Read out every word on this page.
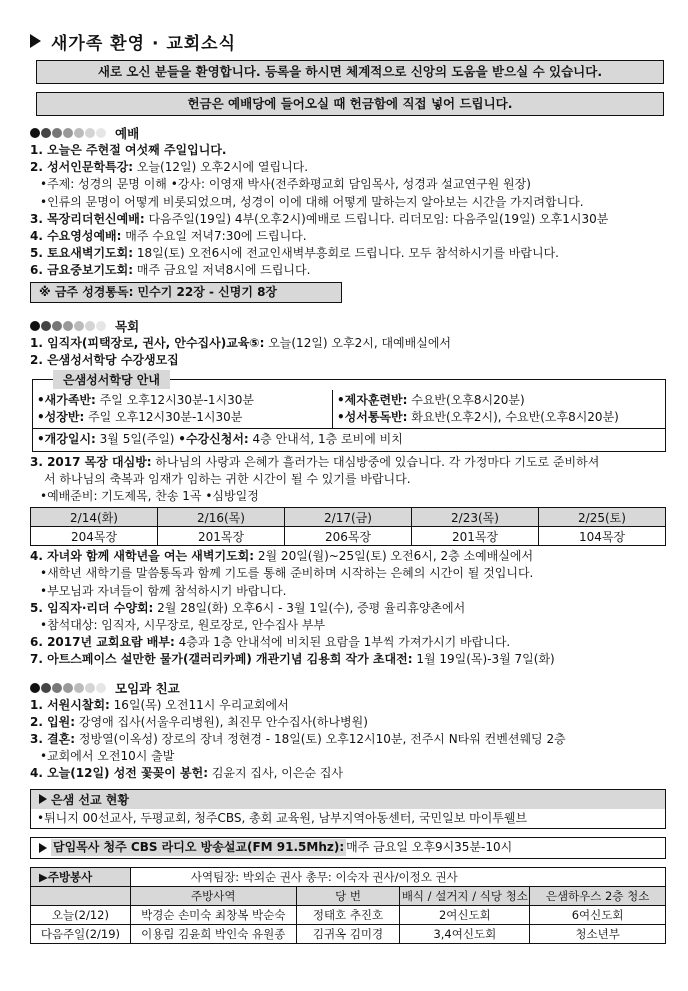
새가족 환영 · 교회소식
새로 오신 분들을 환영합니다. 등록을 하시면 체계적으로 신앙의 도움을 받으실 수 있습니다.
헌금은 예배당에 들어오실 때 헌금함에 직접 넣어 드립니다.
예배
1. 오늘은 주현절 여섯째 주일입니다.
2. 성서인문학특강: 오늘(12일) 오후2시에 열립니다.
•주제: 성경의 문명 이해 •강사: 이영재 박사(전주화평교회 담임목사, 성경과 설교연구원 원장)
•인류의 문명이 어떻게 비롯되었으며, 성경이 이에 대해 어떻게 말하는지 알아보는 시간을 가지려합니다.
3. 목장리더헌신예배: 다음주일(19일) 4부(오후2시)예배로 드립니다. 리더모임: 다음주일(19일) 오후1시30분
4. 수요영성예배: 매주 수요일 저녁7:30에 드립니다.
5. 토요새벽기도회: 18일(토) 오전6시에 전교인새벽부흥회로 드립니다. 모두 참석하시기를 바랍니다.
6. 금요중보기도회: 매주 금요일 저녁8시에 드립니다.
※ 금주 성경통독: 민수기 22장 - 신명기 8장
목회
1. 임직자(피택장로, 권사, 안수집사)교육⑤: 오늘(12일) 오후2시, 대예배실에서
2. 은샘성서학당 수강생모집
은샘성서학당 안내
•새가족반: 주일 오후12시30분-1시30분
•성장반: 주일 오후12시30분-1시30분
•제자훈련반: 수요반(오후8시20분)
•성서통독반: 화요반(오후2시), 수요반(오후8시20분)
•개강일시: 3월 5일(주일) •수강신청서: 4층 안내석, 1층 로비에 비치
3. 2017 목장 대심방: 하나님의 사랑과 은혜가 흘러가는 대심방중에 있습니다. 각 가정마다 기도로 준비하셔
서 하나님의 축복과 임재가 임하는 귀한 시간이 될 수 있기를 바랍니다.
•예배준비: 기도제목, 찬송 1곡 •심방일정
2/14(화)	2/16(목)	2/17(금)	2/23(목)	2/25(토)
204목장	201목장	206목장	201목장	104목장
4. 자녀와 함께 새학년을 여는 새벽기도회: 2월 20일(월)~25일(토) 오전6시, 2층 소예배실에서
•새학년 새학기를 말씀통독과 함께 기도를 통해 준비하며 시작하는 은혜의 시간이 될 것입니다.
•부모님과 자녀들이 함께 참석하시기 바랍니다.
5. 임직자·리더 수양회: 2월 28일(화) 오후6시 - 3월 1일(수), 증평 율리휴양촌에서
•참석대상: 임직자, 시무장로, 원로장로, 안수집사 부부
6. 2017년 교회요람 배부: 4층과 1층 안내석에 비치된 요람을 1부씩 가져가시기 바랍니다.
7. 아트스페이스 설만한 물가(갤러리카페) 개관기념 김용희 작가 초대전: 1월 19일(목)-3월 7일(화)
모임과 친교
1. 서원시찰회: 16일(목) 오전11시 우리교회에서
2. 입원: 강영애 집사(서울우리병원), 최진무 안수집사(하나병원)
3. 결혼: 정방열(이옥성) 장로의 장녀 정현경 - 18일(토) 오후12시10분, 전주시 N타워 컨벤션웨딩 2층
•교회에서 오전10시 출발
4. 오늘(12일) 성전 꽃꽂이 봉헌: 김윤지 집사, 이은순 집사
은샘 선교 현황
•튀니지 00선교사, 두평교회, 청주CBS, 총회 교육원, 남부지역아동센터, 국민일보 마이투웰브
담임목사 청주 CBS 라디오 방송설교(FM 91.5Mhz): 매주 금요일 오후9시35분-10시
▶주방봉사	사역팀장: 박외순 권사 총무: 이숙자 권사/이정오 권사			
	주방사역	당 번	배식 / 설거지 / 식당 청소	은샘하우스 2층 청소
오늘(2/12)	박경순 손미숙 최창복 박순숙	정태호 추진호	2여신도회	6여신도회
다음주일(2/19)	이용림 김윤희 박인숙 유원종	김귀옥 김미경	3,4여신도회	청소년부
